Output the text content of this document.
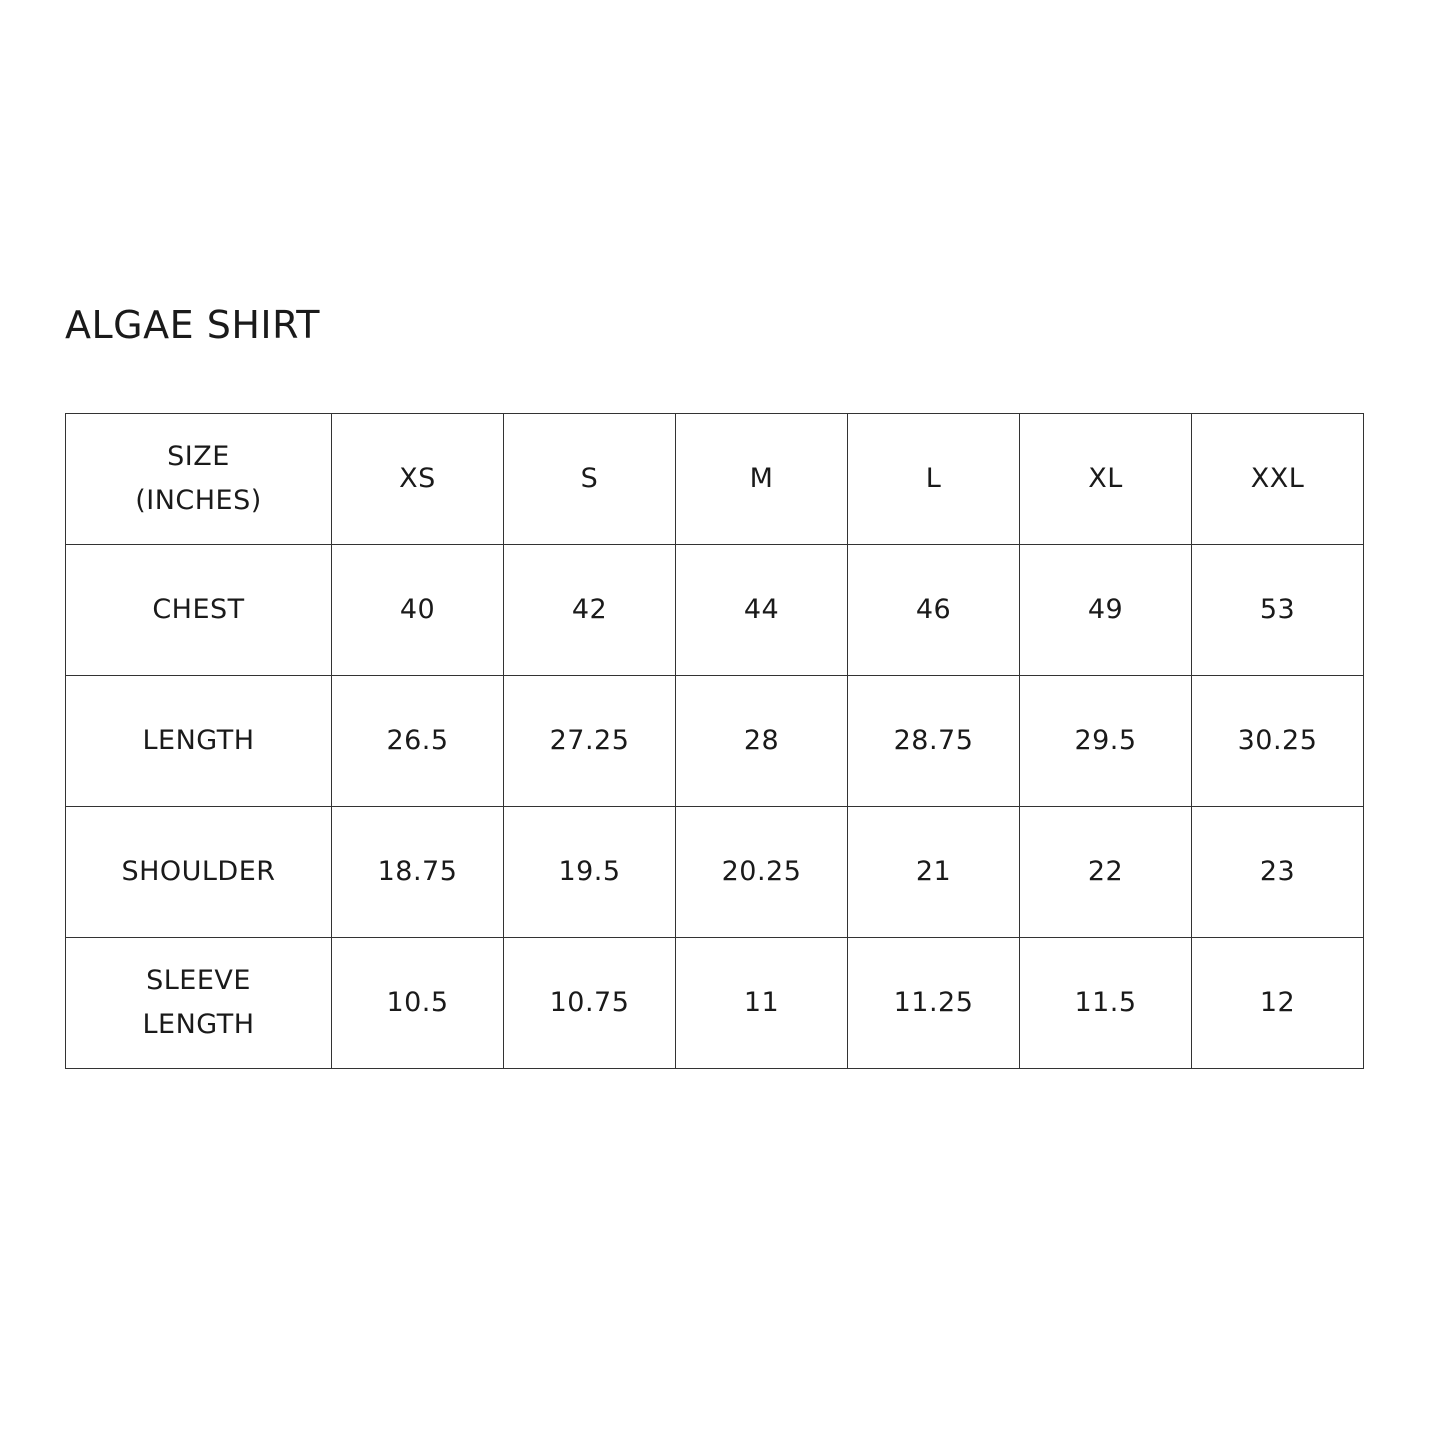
ALGAE SHIRT
SIZE
(INCHES)	XS	S	M	L	XL	XXL

CHEST	40	42	44	46	49	53

LENGTH	26.5	27.25	28	28.75	29.5	30.25

SHOULDER	18.75	19.5	20.25	21	22	23

SLEEVE
LENGTH	10.5	10.75	11	11.25	11.5	12
